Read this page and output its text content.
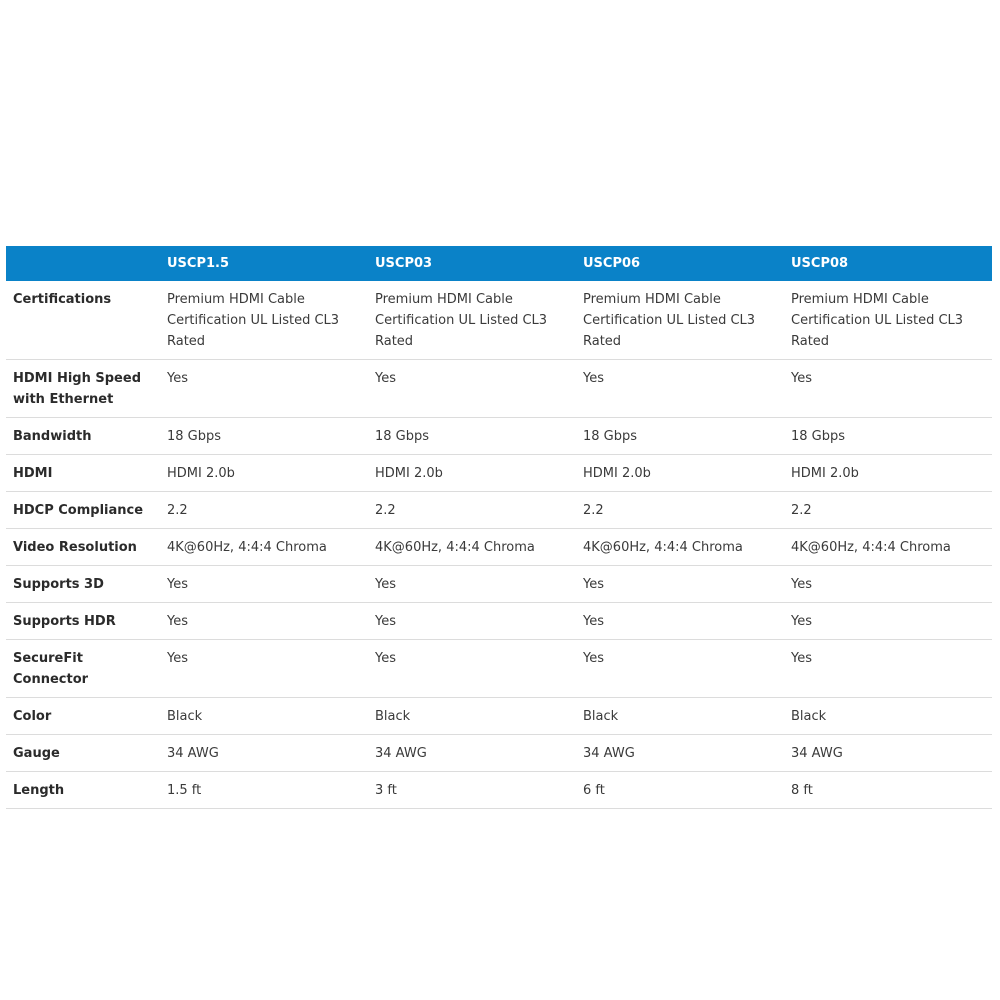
	USCP1.5	USCP03	USCP06	USCP08
Certifications	Premium HDMI Cable Certification UL Listed CL3 Rated	Premium HDMI Cable Certification UL Listed CL3 Rated	Premium HDMI Cable Certification UL Listed CL3 Rated	Premium HDMI Cable Certification UL Listed CL3 Rated
HDMI High Speed with Ethernet	Yes	Yes	Yes	Yes
Bandwidth	18 Gbps	18 Gbps	18 Gbps	18 Gbps
HDMI	HDMI 2.0b	HDMI 2.0b	HDMI 2.0b	HDMI 2.0b
HDCP Compliance	2.2	2.2	2.2	2.2
Video Resolution	4K@60Hz, 4:4:4 Chroma	4K@60Hz, 4:4:4 Chroma	4K@60Hz, 4:4:4 Chroma	4K@60Hz, 4:4:4 Chroma
Supports 3D	Yes	Yes	Yes	Yes
Supports HDR	Yes	Yes	Yes	Yes
SecureFit Connector	Yes	Yes	Yes	Yes
Color	Black	Black	Black	Black
Gauge	34 AWG	34 AWG	34 AWG	34 AWG
Length	1.5 ft	3 ft	6 ft	8 ft
